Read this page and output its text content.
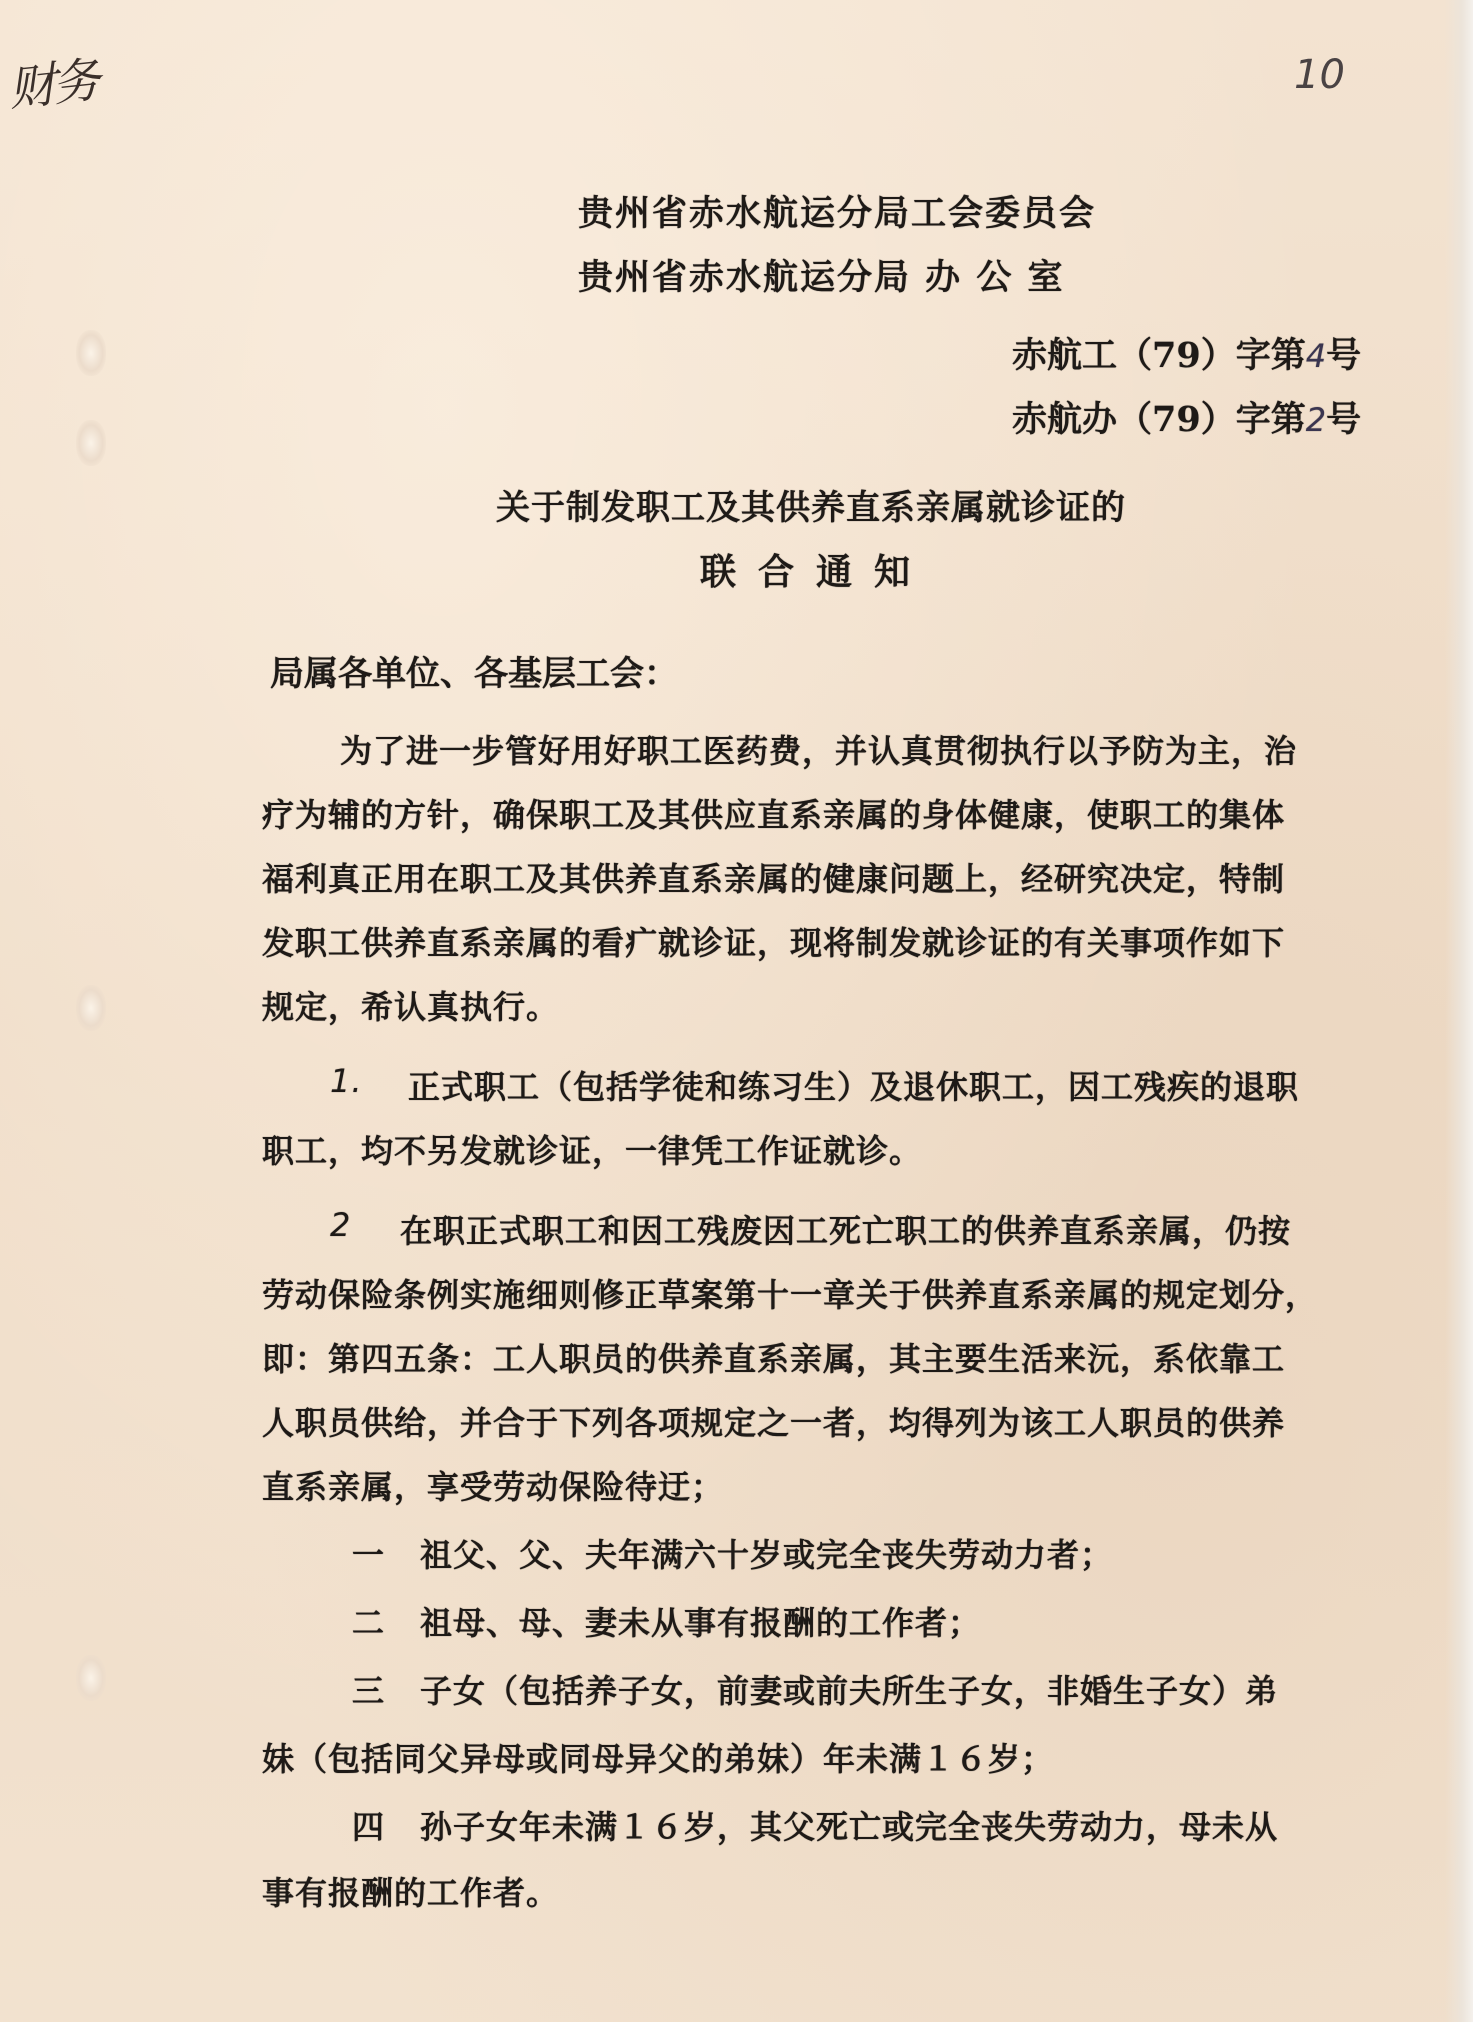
财务	10
贵州省赤水航运分局工会委员会
贵州省赤水航运分局 办 公 室
赤航工（79）字第4号
赤航办（79）字第2号
关于制发职工及其供养直系亲属就诊证的
联合通知
局属各单位、各基层工会：
为了进一步管好用好职工医药费，并认真贯彻执行以予防为主，治
疗为辅的方针，确保职工及其供应直系亲属的身体健康，使职工的集体
福利真正用在职工及其供养直系亲属的健康问题上，经研究决定，特制
发职工供养直系亲属的看疒就诊证，现将制发就诊证的有关事项作如下
规定，希认真执行。
1. 正式职工（包括学徒和练习生）及退休职工，因工残疾的退职
职工，均不另发就诊证，一律凭工作证就诊。
2 在职正式职工和因工残废因工死亡职工的供养直系亲属，仍按
劳动保险条例实施细则修正草案第十一章关于供养直系亲属的规定划分，
即：第四五条：工人职员的供养直系亲属，其主要生活来沅，系依靠工
人职员供给，并合于下列各项规定之一者，均得列为该工人职员的供养
直系亲属，享受劳动保险待迂；
一 祖父、父、夫年满六十岁或完全丧失劳动力者；
二 祖母、母、妻未从事有报酬的工作者；
三 子女（包括养子女，前妻或前夫所生子女，非婚生子女）弟
妹（包括同父异母或同母异父的弟妹）年未满１６岁；
四 孙子女年未满１６岁，其父死亡或完全丧失劳动力，母未从
事有报酬的工作者。
